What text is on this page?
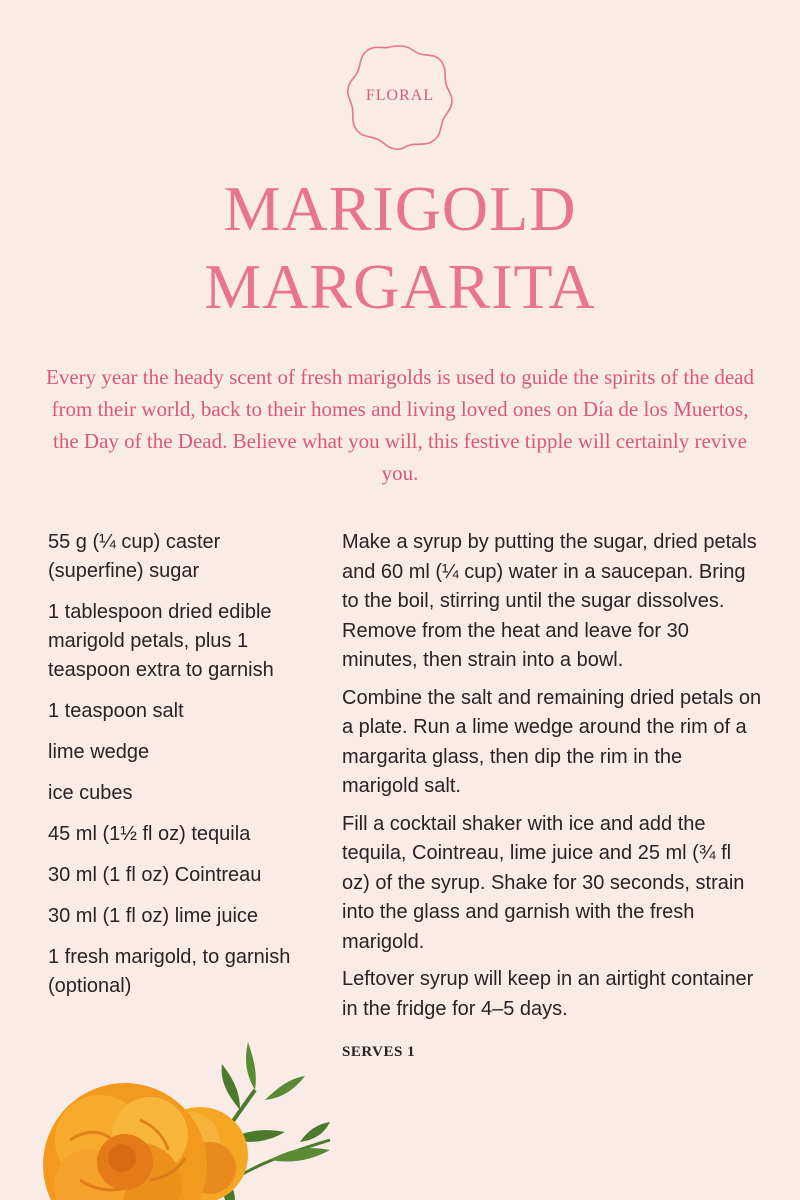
FLORAL
MARIGOLD
MARGARITA
Every year the heady scent of fresh marigolds is used to guide the spirits of the dead from their world, back to their homes and living loved ones on Día de los Muertos, the Day of the Dead. Believe what you will, this festive tipple will certainly revive you.
55 g (¼ cup) caster (superfine) sugar
1 tablespoon dried edible marigold petals, plus 1 teaspoon extra to garnish
1 teaspoon salt
lime wedge
ice cubes
45 ml (1½ fl oz) tequila
30 ml (1 fl oz) Cointreau
30 ml (1 fl oz) lime juice
1 fresh marigold, to garnish (optional)

Make a syrup by putting the sugar, dried petals and 60 ml (¼ cup) water in a saucepan. Bring to the boil, stirring until the sugar dissolves. Remove from the heat and leave for 30 minutes, then strain into a bowl.

Combine the salt and remaining dried petals on a plate. Run a lime wedge around the rim of a margarita glass, then dip the rim in the marigold salt.

Fill a cocktail shaker with ice and add the tequila, Cointreau, lime juice and 25 ml (¾ fl oz) of the syrup. Shake for 30 seconds, strain into the glass and garnish with the fresh marigold.

Leftover syrup will keep in an airtight container in the fridge for 4–5 days.

SERVES 1
